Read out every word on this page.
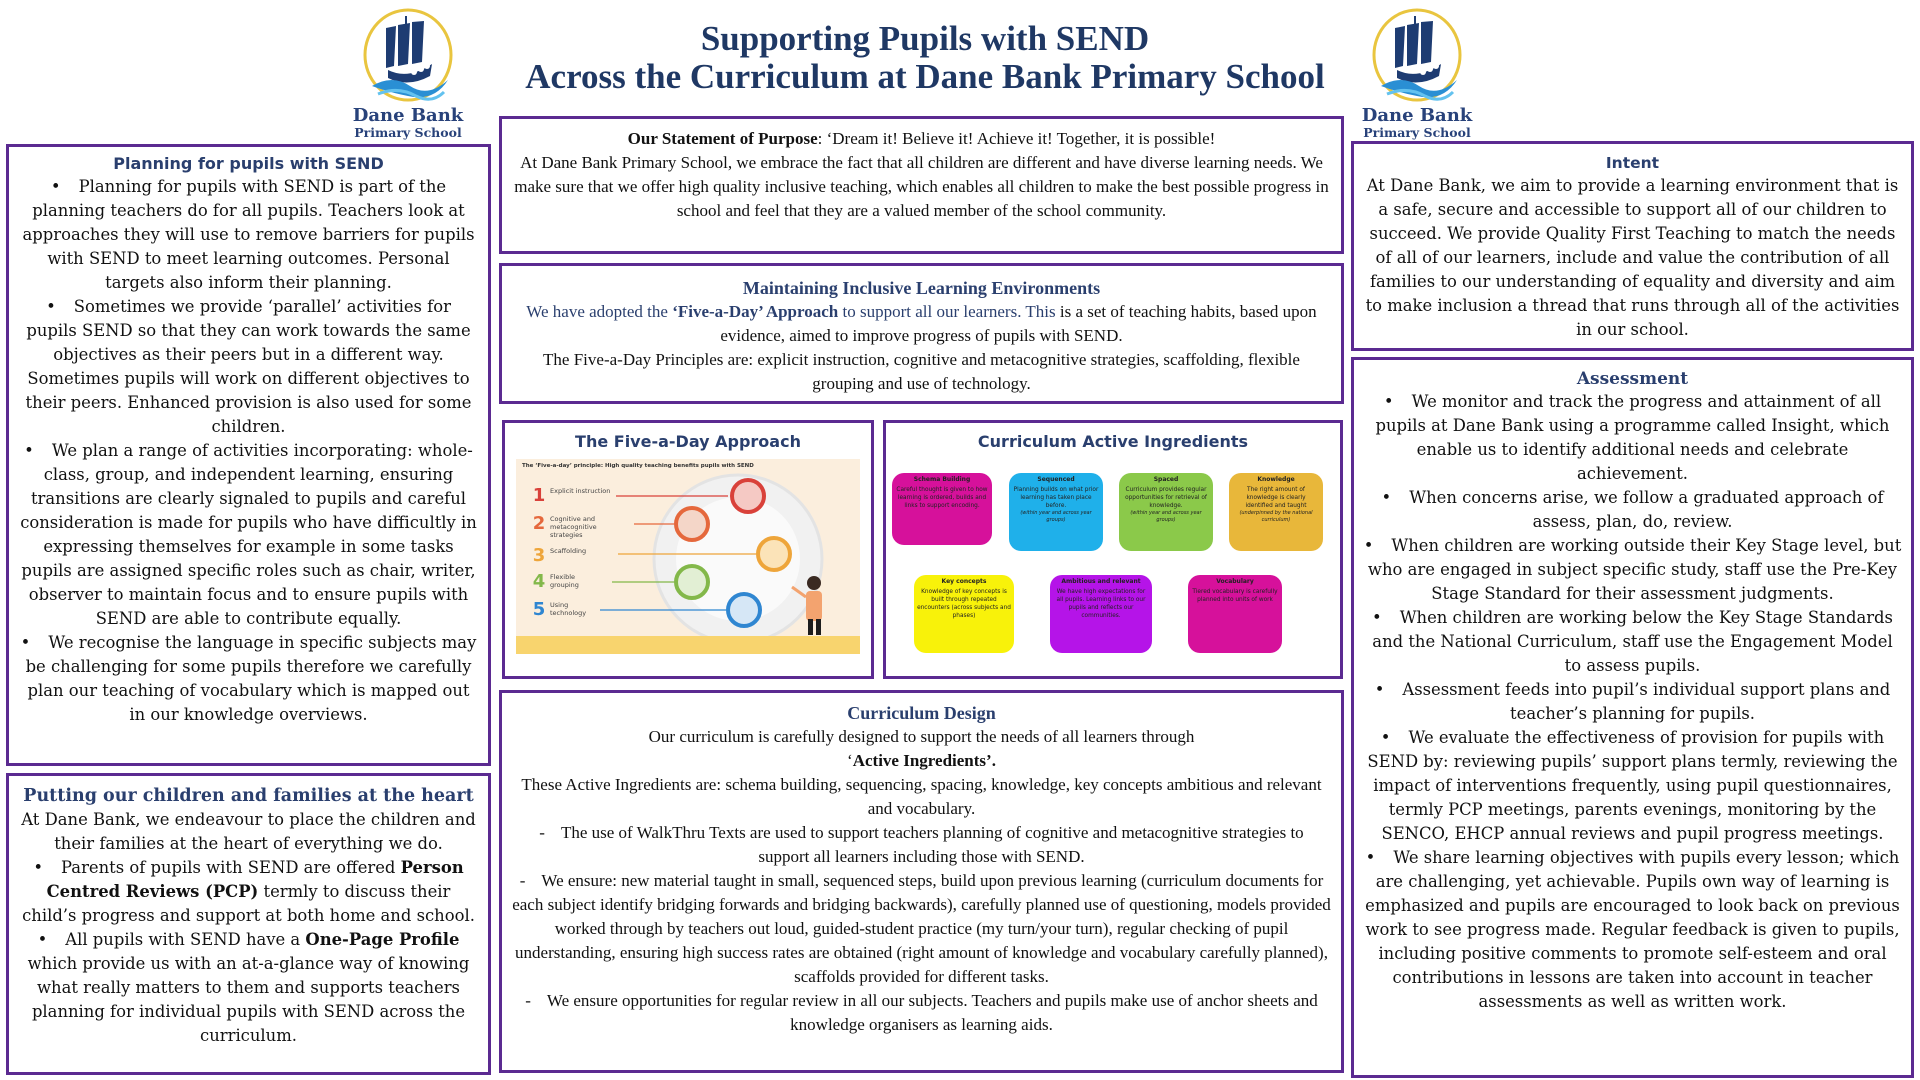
Dane Bank
Primary School
Supporting Pupils with SEND
Across the Curriculum at Dane Bank Primary School
Dane Bank
Primary School
Planning for pupils with SEND
• Planning for pupils with SEND is part of the planning teachers do for all pupils. Teachers look at approaches they will use to remove barriers for pupils with SEND to meet learning outcomes. Personal targets also inform their planning.
• Sometimes we provide ‘parallel’ activities for pupils SEND so that they can work towards the same objectives as their peers but in a different way. Sometimes pupils will work on different objectives to their peers. Enhanced provision is also used for some children.
• We plan a range of activities incorporating: whole-class, group, and independent learning, ensuring transitions are clearly signaled to pupils and careful consideration is made for pupils who have difficultly in expressing themselves for example in some tasks pupils are assigned specific roles such as chair, writer, observer to maintain focus and to ensure pupils with SEND are able to contribute equally.
• We recognise the language in specific subjects may be challenging for some pupils therefore we carefully plan our teaching of vocabulary which is mapped out in our knowledge overviews.
Putting our children and families at the heart
At Dane Bank, we endeavour to place the children and their families at the heart of everything we do.
• Parents of pupils with SEND are offered Person Centred Reviews (PCP) termly to discuss their child’s progress and support at both home and school.
• All pupils with SEND have a One-Page Profile which provide us with an at-a-glance way of knowing what really matters to them and supports teachers planning for individual pupils with SEND across the curriculum.
Our Statement of Purpose: ‘Dream it! Believe it! Achieve it! Together, it is possible!
At Dane Bank Primary School, we embrace the fact that all children are different and have diverse learning needs. We make sure that we offer high quality inclusive teaching, which enables all children to make the best possible progress in school and feel that they are a valued member of the school community.
Maintaining Inclusive Learning Environments
We have adopted the ‘Five-a-Day’ Approach to support all our learners. This is a set of teaching habits, based upon evidence, aimed to improve progress of pupils with SEND.
The Five-a-Day Principles are: explicit instruction, cognitive and metacognitive strategies, scaffolding, flexible grouping and use of technology.
The Five-a-Day Approach
The ‘Five-a-day’ principle: High quality teaching benefits pupils with SEND
1 Explicit instruction
2 Cognitive and metacognitive strategies
3 Scaffolding
4 Flexible grouping
5 Using technology
Curriculum Active Ingredients
Schema Building
Careful thought is given to how learning is ordered, builds and links to support encoding.
Sequenced
Planning builds on what prior learning has taken place before.
(within year and across year groups)
Spaced
Curriculum provides regular opportunities for retrieval of knowledge.
(within year and across year groups)
Knowledge
The right amount of knowledge is clearly identified and taught
(underpinned by the national curriculum)
Key concepts
Knowledge of key concepts is built through repeated encounters (across subjects and phases)
Ambitious and relevant
We have high expectations for all pupils. Learning links to our pupils and reflects our communities.
Vocabulary
Tiered vocabulary is carefully planned into units of work
Curriculum Design
Our curriculum is carefully designed to support the needs of all learners through
‘Active Ingredients’.
These Active Ingredients are: schema building, sequencing, spacing, knowledge, key concepts ambitious and relevant and vocabulary.
- The use of WalkThru Texts are used to support teachers planning of cognitive and metacognitive strategies to support all learners including those with SEND.
- We ensure: new material taught in small, sequenced steps, build upon previous learning (curriculum documents for each subject identify bridging forwards and bridging backwards), carefully planned use of questioning, models provided worked through by teachers out loud, guided-student practice (my turn/your turn), regular checking of pupil understanding, ensuring high success rates are obtained (right amount of knowledge and vocabulary carefully planned), scaffolds provided for different tasks.
- We ensure opportunities for regular review in all our subjects. Teachers and pupils make use of anchor sheets and knowledge organisers as learning aids.
Intent
At Dane Bank, we aim to provide a learning environment that is a safe, secure and accessible to support all of our children to succeed. We provide Quality First Teaching to match the needs of all of our learners, include and value the contribution of all families to our understanding of equality and diversity and aim to make inclusion a thread that runs through all of the activities in our school.
Assessment
• We monitor and track the progress and attainment of all pupils at Dane Bank using a programme called Insight, which enable us to identify additional needs and celebrate achievement.
• When concerns arise, we follow a graduated approach of assess, plan, do, review.
• When children are working outside their Key Stage level, but who are engaged in subject specific study, staff use the Pre-Key Stage Standard for their assessment judgments.
• When children are working below the Key Stage Standards and the National Curriculum, staff use the Engagement Model to assess pupils.
• Assessment feeds into pupil’s individual support plans and teacher’s planning for pupils.
• We evaluate the effectiveness of provision for pupils with SEND by: reviewing pupils’ support plans termly, reviewing the impact of interventions frequently, using pupil questionnaires, termly PCP meetings, parents evenings, monitoring by the SENCO, EHCP annual reviews and pupil progress meetings.
• We share learning objectives with pupils every lesson; which are challenging, yet achievable. Pupils own way of learning is emphasized and pupils are encouraged to look back on previous work to see progress made. Regular feedback is given to pupils, including positive comments to promote self-esteem and oral contributions in lessons are taken into account in teacher assessments as well as written work.
